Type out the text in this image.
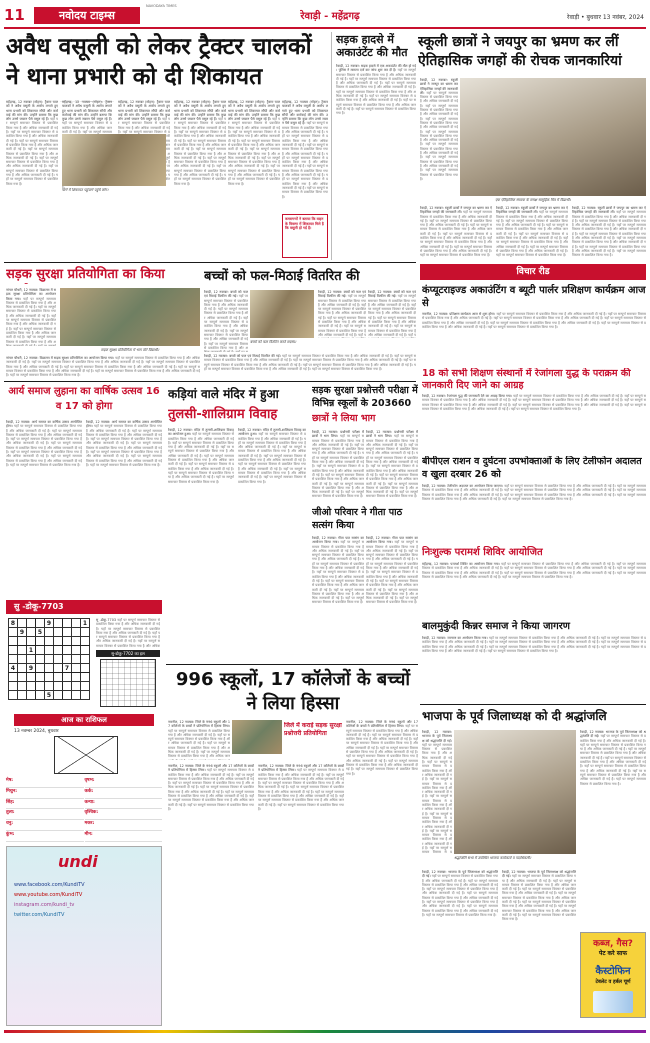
11	नवोदय टाइम्स
NAVODAYA TIMES
रेवाड़ी - महेंद्रगढ़	रेवाड़ी • बुधवार 13 नवंबर, 2024
अवैध वसूली को लेकर ट्रैक्टर चालकों ने थाना प्रभारी को दी शिकायत
महेंद्रगढ़, 12 नवम्बर (मोहन): ट्रैक्टर चालकों ने अवैध वसूली के आरोप लगाते हुए थाना प्रभारी को शिकायत सौंपी और कार्रवाई की मांग की। उन्होंने बताया कि कुछ लोग उनसे जबरन पैसे वसूल रहे हैं। यहाँ पर सम्पूर्ण समाचार विस्तार से प्रकाशित किया गया है और अधिक जानकारी दी गई है। यहाँ पर सम्पूर्ण समाचार विस्तार से प्रकाशित किया गया है और अधिक जानकारी दी गई है। यहाँ पर सम्पूर्ण समाचार विस्तार से प्रकाशित किया गया है और अधिक जानकारी दी गई है। यहाँ पर सम्पूर्ण समाचार विस्तार से प्रकाशित किया गया है और अधिक जानकारी दी गई है। यहाँ पर सम्पूर्ण समाचार विस्तार से प्रकाशित किया गया है और अधिक जानकारी दी गई है। यहाँ पर सम्पूर्ण समाचार विस्तार से प्रकाशित किया गया है और अधिक जानकारी दी गई है। यहाँ पर सम्पूर्ण समाचार विस्तार से प्रकाशित किया गया है।
महेंद्रगढ़, 12 नवम्बर (मोहन): ट्रैक्टर चालकों ने अवैध वसूली के आरोप लगाते हुए थाना प्रभारी को शिकायत सौंपी और कार्रवाई की मांग की। उन्होंने बताया कि कुछ लोग उनसे जबरन पैसे वसूल रहे हैं। यहाँ पर सम्पूर्ण समाचार विस्तार से प्रकाशित किया गया है और अधिक जानकारी दी गई है। यहाँ पर सम्पूर्ण समाचार विस्तार से प्रकाशित किया गया है और अधिक जानकारी दी गई है। यहाँ पर सम्पूर्ण समाचार विस्तार से प्रकाशित किया गया है और अधिक जानकारी दी गई है। यहाँ पर सम्पूर्ण समाचार विस्तार से प्रकाशित किया गया है और अधिक जानकारी दी गई है। यहाँ पर सम्पूर्ण समाचार विस्तार से प्रकाशित किया गया है और अधिक जानकारी दी गई है। यहाँ पर सम्पूर्ण समाचार विस्तार से प्रकाशित किया गया है और अधिक जानकारी दी गई है। यहाँ पर सम्पूर्ण समाचार विस्तार से प्रकाशित किया गया है।
यहाँ पर सम्पूर्ण समाचार विस्तार से प्रकाशित किया गया है और अधिक जानकारी दी गई है। यहाँ पर सम्पूर्ण समाचार विस्तार से प्रकाशित किया गया है और अधिक जानकारी दी गई है। यहाँ पर सम्पूर्ण समाचार विस्तार से प्रकाशित किया गया है और अधिक जानकारी दी गई है। यहाँ पर सम्पूर्ण समाचार विस्तार से प्रकाशित किया गया है और अधिक जानकारी दी गई है। यहाँ पर सम्पूर्ण समाचार विस्तार से प्रकाशित किया गया है और अधिक जानकारी दी गई है। यहाँ पर सम्पूर्ण समाचार विस्तार से प्रकाशित किया गया है और अधिक जानकारी दी गई है। यहाँ पर सम्पूर्ण समाचार विस्तार से प्रकाशित किया गया है।
महेंद्रगढ़, 12 नवम्बर (मोहन): ट्रैक्टर चालकों ने अवैध वसूली के आरोप लगाते हुए थाना प्रभारी को शिकायत सौंपी और कार्रवाई की मांग की। उन्होंने बताया कि कुछ लोग उनसे जबरन पैसे वसूल रहे हैं। यहाँ पर सम्पूर्ण समाचार विस्तार से प्रकाशित किया गया है और अधिक जानकारी दी गई है। यहाँ पर सम्पूर्ण समाचार विस्तार से प्रकाशित किया गया है और अधिक जानकारी दी गई है। यहाँ पर सम्पूर्ण समाचार विस्तार से प्रकाशित किया गया है और अधिक जानकारी दी गई है। यहाँ पर सम्पूर्ण समाचार विस्तार से प्रकाशित किया गया है और अधिक जानकारी दी गई है। यहाँ पर सम्पूर्ण समाचार विस्तार से प्रकाशित किया गया है और अधिक जानकारी दी गई है। यहाँ पर सम्पूर्ण समाचार विस्तार से प्रकाशित किया गया है और अधिक जानकारी दी गई है। यहाँ पर सम्पूर्ण समाचार विस्तार से प्रकाशित किया गया है।
महेंद्रगढ़, 12 नवम्बर (मोहन): ट्रैक्टर चालकों ने अवैध वसूली के आरोप लगाते हुए थाना प्रभारी को शिकायत सौंपी और कार्रवाई की मांग की। उन्होंने बताया कि कुछ लोग उनसे जबरन पैसे वसूल रहे हैं। यहाँ पर सम्पूर्ण समाचार विस्तार से प्रकाशित किया गया है और अधिक जानकारी दी गई है। यहाँ पर सम्पूर्ण समाचार विस्तार से प्रकाशित किया गया है और अधिक जानकारी दी गई है। यहाँ पर सम्पूर्ण समाचार विस्तार से प्रकाशित किया गया है और अधिक जानकारी दी गई है। यहाँ पर सम्पूर्ण समाचार विस्तार से प्रकाशित किया गया है और अधिक जानकारी दी गई है। यहाँ पर सम्पूर्ण समाचार विस्तार से प्रकाशित किया गया है और अधिक जानकारी दी गई है। यहाँ पर सम्पूर्ण समाचार विस्तार से प्रकाशित किया गया है और अधिक जानकारी दी गई है। यहाँ पर सम्पूर्ण समाचार विस्तार से प्रकाशित किया गया है।
थाने में शिकायत पहुंचाने पहुंचे लोग।
महेंद्रगढ़, 12 नवम्बर (मोहन): ट्रैक्टर चालकों ने अवैध वसूली के आरोप लगाते हुए थाना प्रभारी को शिकायत सौंपी और कार्रवाई की मांग की। उन्होंने बताया कि कुछ लोग उनसे जबरन पैसे वसूल रहे हैं। यहाँ पर सम्पूर्ण समाचार विस्तार से प्रकाशित किया गया है और अधिक जानकारी दी गई है। यहाँ पर सम्पूर्ण समाचार विस्तार से प्रकाशित किया गया है और अधिक जानकारी दी गई है। यहाँ पर सम्पूर्ण समाचार विस्तार से प्रकाशित किया गया है और अधिक जानकारी दी गई है। यहाँ पर सम्पूर्ण समाचार विस्तार से प्रकाशित किया गया है और अधिक जानकारी दी गई है। यहाँ पर सम्पूर्ण समाचार विस्तार से प्रकाशित किया गया है और अधिक जानकारी दी गई है। यहाँ पर सम्पूर्ण समाचार विस्तार से प्रकाशित किया गया है और अधिक जानकारी दी गई है। यहाँ पर सम्पूर्ण समाचार विस्तार से प्रकाशित किया गया है।
महेंद्रगढ़, 12 नवम्बर (मोहन): ट्रैक्टर चालकों ने अवैध वसूली के आरोप लगाते हुए थाना प्रभारी को शिकायत सौंपी और कार्रवाई की मांग की। उन्होंने बताया कि कुछ लोग उनसे जबरन पैसे वसूल रहे हैं। यहाँ पर सम्पूर्ण समाचार विस्तार से प्रकाशित किया गया है और अधिक जानकारी दी गई है। यहाँ पर सम्पूर्ण समाचार विस्तार से प्रकाशित किया गया है और अधिक जानकारी दी गई है। यहाँ पर सम्पूर्ण समाचार विस्तार से प्रकाशित किया गया है और अधिक जानकारी दी गई है। यहाँ पर सम्पूर्ण समाचार विस्तार से प्रकाशित किया गया है और अधिक जानकारी दी गई है। यहाँ पर सम्पूर्ण समाचार विस्तार से प्रकाशित किया गया है और अधिक जानकारी दी गई है। यहाँ पर सम्पूर्ण समाचार विस्तार से प्रकाशित किया गया है और अधिक जानकारी दी गई है। यहाँ पर सम्पूर्ण समाचार विस्तार से प्रकाशित किया गया है।
कमरागणों ने बताया कि वाहन के विवरण में शिकायत मिले है कि वसूली हो गई है।
सड़क हादसे में अकाउंटेंट की मौत
रेवाड़ी, 12 नवम्बर: सड़क हादसे में एक अकाउंटेंट की मौत हो गई। पुलिस ने मामला दर्ज कर जांच शुरू कर दी है। यहाँ पर सम्पूर्ण समाचार विस्तार से प्रकाशित किया गया है और अधिक जानकारी दी गई है। यहाँ पर सम्पूर्ण समाचार विस्तार से प्रकाशित किया गया है और अधिक जानकारी दी गई है। यहाँ पर सम्पूर्ण समाचार विस्तार से प्रकाशित किया गया है और अधिक जानकारी दी गई है। यहाँ पर सम्पूर्ण समाचार विस्तार से प्रकाशित किया गया है और अधिक जानकारी दी गई है। यहाँ पर सम्पूर्ण समाचार विस्तार से प्रकाशित किया गया है और अधिक जानकारी दी गई है। यहाँ पर सम्पूर्ण समाचार विस्तार से प्रकाशित किया गया है और अधिक जानकारी दी गई है। यहाँ पर सम्पूर्ण समाचार विस्तार से प्रकाशित किया गया है।
स्कूली छात्रों ने जयपुर का भ्रमण कर लीं ऐतिहासिक जगहों की रोचक जानकारियां
रेवाड़ी, 12 नवम्बर: स्कूली छात्रों ने जयपुर का भ्रमण कर ऐतिहासिक जगहों की जानकारी ली। यहाँ पर सम्पूर्ण समाचार विस्तार से प्रकाशित किया गया है और अधिक जानकारी दी गई है। यहाँ पर सम्पूर्ण समाचार विस्तार से प्रकाशित किया गया है और अधिक जानकारी दी गई है। यहाँ पर सम्पूर्ण समाचार विस्तार से प्रकाशित किया गया है और अधिक जानकारी दी गई है। यहाँ पर सम्पूर्ण समाचार विस्तार से प्रकाशित किया गया है और अधिक जानकारी दी गई है। यहाँ पर सम्पूर्ण समाचार विस्तार से प्रकाशित किया गया है और अधिक जानकारी दी गई है। यहाँ पर सम्पूर्ण समाचार विस्तार से प्रकाशित किया गया है और अधिक जानकारी दी गई है। यहाँ पर सम्पूर्ण समाचार विस्तार से प्रकाशित किया गया है।
एक ऐतिहासिक स्मारक के समक्ष सामूहिक चित्र में विद्यार्थी।
रेवाड़ी, 12 नवम्बर: स्कूली छात्रों ने जयपुर का भ्रमण कर ऐतिहासिक जगहों की जानकारी ली। यहाँ पर सम्पूर्ण समाचार विस्तार से प्रकाशित किया गया है और अधिक जानकारी दी गई है। यहाँ पर सम्पूर्ण समाचार विस्तार से प्रकाशित किया गया है और अधिक जानकारी दी गई है। यहाँ पर सम्पूर्ण समाचार विस्तार से प्रकाशित किया गया है और अधिक जानकारी दी गई है। यहाँ पर सम्पूर्ण समाचार विस्तार से प्रकाशित किया गया है और अधिक जानकारी दी गई है। यहाँ पर सम्पूर्ण समाचार विस्तार से प्रकाशित किया गया है और अधिक जानकारी दी गई है। यहाँ पर सम्पूर्ण समाचार विस्तार से प्रकाशित किया गया है और अधिक जानकारी दी गई है। यहाँ पर सम्पूर्ण समाचार विस्तार से प्रकाशित किया गया है।
रेवाड़ी, 12 नवम्बर: स्कूली छात्रों ने जयपुर का भ्रमण कर ऐतिहासिक जगहों की जानकारी ली। यहाँ पर सम्पूर्ण समाचार विस्तार से प्रकाशित किया गया है और अधिक जानकारी दी गई है। यहाँ पर सम्पूर्ण समाचार विस्तार से प्रकाशित किया गया है और अधिक जानकारी दी गई है। यहाँ पर सम्पूर्ण समाचार विस्तार से प्रकाशित किया गया है और अधिक जानकारी दी गई है। यहाँ पर सम्पूर्ण समाचार विस्तार से प्रकाशित किया गया है और अधिक जानकारी दी गई है। यहाँ पर सम्पूर्ण समाचार विस्तार से प्रकाशित किया गया है और अधिक जानकारी दी गई है। यहाँ पर सम्पूर्ण समाचार विस्तार से प्रकाशित किया गया है और अधिक जानकारी दी गई है। यहाँ पर सम्पूर्ण समाचार विस्तार से प्रकाशित किया गया है।
रेवाड़ी, 12 नवम्बर: स्कूली छात्रों ने जयपुर का भ्रमण कर ऐतिहासिक जगहों की जानकारी ली। यहाँ पर सम्पूर्ण समाचार विस्तार से प्रकाशित किया गया है और अधिक जानकारी दी गई है। यहाँ पर सम्पूर्ण समाचार विस्तार से प्रकाशित किया गया है और अधिक जानकारी दी गई है। यहाँ पर सम्पूर्ण समाचार विस्तार से प्रकाशित किया गया है और अधिक जानकारी दी गई है। यहाँ पर सम्पूर्ण समाचार विस्तार से प्रकाशित किया गया है और अधिक जानकारी दी गई है। यहाँ पर सम्पूर्ण समाचार विस्तार से प्रकाशित किया गया है और अधिक जानकारी दी गई है। यहाँ पर सम्पूर्ण समाचार विस्तार से प्रकाशित किया गया है और अधिक जानकारी दी गई है। यहाँ पर सम्पूर्ण समाचार विस्तार से प्रकाशित किया गया है।
सड़क सुरक्षा प्रतियोगिता का किया
नांगल चौधरी, 12 नवम्बर: विद्यालय में सड़क सुरक्षा प्रतियोगिता का आयोजन किया गया। यहाँ पर सम्पूर्ण समाचार विस्तार से प्रकाशित किया गया है और अधिक जानकारी दी गई है। यहाँ पर सम्पूर्ण समाचार विस्तार से प्रकाशित किया गया है और अधिक जानकारी दी गई है। यहाँ पर सम्पूर्ण समाचार विस्तार से प्रकाशित किया गया है और अधिक जानकारी दी गई है। यहाँ पर सम्पूर्ण समाचार विस्तार से प्रकाशित किया गया है और अधिक जानकारी दी गई है। यहाँ पर सम्पूर्ण समाचार विस्तार से प्रकाशित किया गया है और अधिक जानकारी दी गई है। यहाँ पर सम्पूर्ण समाचार विस्तार से प्रकाशित किया गया है और अधिक जानकारी दी गई है। यहाँ पर सम्पूर्ण समाचार विस्तार से प्रकाशित किया गया है।
सड़क सुरक्षा प्रतियोगिता में भाग लेते विद्यार्थी।
नांगल चौधरी, 12 नवम्बर: विद्यालय में सड़क सुरक्षा प्रतियोगिता का आयोजन किया गया। यहाँ पर सम्पूर्ण समाचार विस्तार से प्रकाशित किया गया है और अधिक जानकारी दी गई है। यहाँ पर सम्पूर्ण समाचार विस्तार से प्रकाशित किया गया है और अधिक जानकारी दी गई है। यहाँ पर सम्पूर्ण समाचार विस्तार से प्रकाशित किया गया है और अधिक जानकारी दी गई है। यहाँ पर सम्पूर्ण समाचार विस्तार से प्रकाशित किया गया है और अधिक जानकारी दी गई है। यहाँ पर सम्पूर्ण समाचार विस्तार से प्रकाशित किया गया है और अधिक जानकारी दी गई है। यहाँ पर सम्पूर्ण समाचार विस्तार से प्रकाशित किया गया है और अधिक जानकारी दी गई है। यहाँ पर सम्पूर्ण समाचार विस्तार से प्रकाशित किया गया है।
बच्चों को फल-मिठाई वितरित की
रेवाड़ी, 12 नवम्बर: बच्चों को फल एवं मिठाई वितरित की गई। यहाँ पर सम्पूर्ण समाचार विस्तार से प्रकाशित किया गया है और अधिक जानकारी दी गई है। यहाँ पर सम्पूर्ण समाचार विस्तार से प्रकाशित किया गया है और अधिक जानकारी दी गई है। यहाँ पर सम्पूर्ण समाचार विस्तार से प्रकाशित किया गया है और अधिक जानकारी दी गई है। यहाँ पर सम्पूर्ण समाचार विस्तार से प्रकाशित किया गया है और अधिक जानकारी दी गई है। यहाँ पर सम्पूर्ण समाचार विस्तार से प्रकाशित किया गया है और अधिक जानकारी दी गई है। यहाँ पर सम्पूर्ण समाचार विस्तार से प्रकाशित किया गया है और अधिक जानकारी दी गई है। यहाँ पर सम्पूर्ण समाचार विस्तार से प्रकाशित किया गया है।
बच्चों को फल वितरित करते सदस्य।
रेवाड़ी, 12 नवम्बर: बच्चों को फल एवं मिठाई वितरित की गई। यहाँ पर सम्पूर्ण समाचार विस्तार से प्रकाशित किया गया है और अधिक जानकारी दी गई है। यहाँ पर सम्पूर्ण समाचार विस्तार से प्रकाशित किया गया है और अधिक जानकारी दी गई है। यहाँ पर सम्पूर्ण समाचार विस्तार से प्रकाशित किया गया है और अधिक जानकारी दी गई है। यहाँ पर सम्पूर्ण समाचार विस्तार से प्रकाशित किया गया है और अधिक जानकारी दी गई है। यहाँ पर सम्पूर्ण समाचार विस्तार से प्रकाशित किया गया है और अधिक जानकारी दी गई है। यहाँ पर सम्पूर्ण समाचार विस्तार से प्रकाशित किया गया है और अधिक जानकारी दी गई है। यहाँ पर सम्पूर्ण समाचार विस्तार से प्रकाशित किया गया है।
रेवाड़ी, 12 नवम्बर: बच्चों को फल एवं मिठाई वितरित की गई। यहाँ पर सम्पूर्ण समाचार विस्तार से प्रकाशित किया गया है और अधिक जानकारी दी गई है। यहाँ पर सम्पूर्ण समाचार विस्तार से प्रकाशित किया गया है और अधिक जानकारी दी गई है। यहाँ पर सम्पूर्ण समाचार विस्तार से प्रकाशित किया गया है और अधिक जानकारी दी गई है। यहाँ पर सम्पूर्ण समाचार विस्तार से प्रकाशित किया गया है और अधिक जानकारी दी गई है। यहाँ पर सम्पूर्ण समाचार विस्तार से प्रकाशित किया गया है और अधिक जानकारी दी गई है। यहाँ पर सम्पूर्ण समाचार विस्तार से प्रकाशित किया गया है और अधिक जानकारी दी गई है। यहाँ पर सम्पूर्ण समाचार विस्तार से प्रकाशित किया गया है।
रेवाड़ी, 12 नवम्बर: बच्चों को फल एवं मिठाई वितरित की गई। यहाँ पर सम्पूर्ण समाचार विस्तार से प्रकाशित किया गया है और अधिक जानकारी दी गई है। यहाँ पर सम्पूर्ण समाचार विस्तार से प्रकाशित किया गया है और अधिक जानकारी दी गई है। यहाँ पर सम्पूर्ण समाचार विस्तार से प्रकाशित किया गया है और अधिक जानकारी दी गई है। यहाँ पर सम्पूर्ण समाचार विस्तार से प्रकाशित किया गया है और अधिक जानकारी दी गई है। यहाँ पर सम्पूर्ण समाचार विस्तार से प्रकाशित किया गया है और अधिक जानकारी दी गई है। यहाँ पर सम्पूर्ण समाचार विस्तार से प्रकाशित किया गया है और अधिक जानकारी दी गई है। यहाँ पर सम्पूर्ण समाचार विस्तार से प्रकाशित किया गया है।
विचार रीड
कंप्यूटराइज्ड अकाउंटिंग व ब्यूटी पार्लर प्रशिक्षण कार्यक्रम आज से
नारनौल, 12 नवम्बर: प्रशिक्षण कार्यक्रम आज से शुरू होगा। यहाँ पर सम्पूर्ण समाचार विस्तार से प्रकाशित किया गया है और अधिक जानकारी दी गई है। यहाँ पर सम्पूर्ण समाचार विस्तार से प्रकाशित किया गया है और अधिक जानकारी दी गई है। यहाँ पर सम्पूर्ण समाचार विस्तार से प्रकाशित किया गया है और अधिक जानकारी दी गई है। यहाँ पर सम्पूर्ण समाचार विस्तार से प्रकाशित किया गया है और अधिक जानकारी दी गई है। यहाँ पर सम्पूर्ण समाचार विस्तार से प्रकाशित किया गया है और अधिक जानकारी दी गई है। यहाँ पर सम्पूर्ण समाचार विस्तार से प्रकाशित किया गया है और अधिक जानकारी दी गई है। यहाँ पर सम्पूर्ण समाचार विस्तार से प्रकाशित किया गया है।
18 को सभी शिक्षण संस्थानों में रेजांगला युद्ध के पराक्रम की जानकारी दिए जाने का आग्रह
रेवाड़ी, 12 नवम्बर: रेजांगला युद्ध की जानकारी देने का आग्रह किया गया। यहाँ पर सम्पूर्ण समाचार विस्तार से प्रकाशित किया गया है और अधिक जानकारी दी गई है। यहाँ पर सम्पूर्ण समाचार विस्तार से प्रकाशित किया गया है और अधिक जानकारी दी गई है। यहाँ पर सम्पूर्ण समाचार विस्तार से प्रकाशित किया गया है और अधिक जानकारी दी गई है। यहाँ पर सम्पूर्ण समाचार विस्तार से प्रकाशित किया गया है और अधिक जानकारी दी गई है। यहाँ पर सम्पूर्ण समाचार विस्तार से प्रकाशित किया गया है और अधिक जानकारी दी गई है। यहाँ पर सम्पूर्ण समाचार विस्तार से प्रकाशित किया गया है और अधिक जानकारी दी गई है। यहाँ पर सम्पूर्ण समाचार विस्तार से प्रकाशित किया गया है।
बीपीएल राशन व दुर्घटना उपभोक्ताओं के लिए टेलीफोन अदालत व खुला दरबार 26 को
रेवाड़ी, 12 नवम्बर: टेलीफोन अदालत का आयोजन किया जाएगा। यहाँ पर सम्पूर्ण समाचार विस्तार से प्रकाशित किया गया है और अधिक जानकारी दी गई है। यहाँ पर सम्पूर्ण समाचार विस्तार से प्रकाशित किया गया है और अधिक जानकारी दी गई है। यहाँ पर सम्पूर्ण समाचार विस्तार से प्रकाशित किया गया है और अधिक जानकारी दी गई है। यहाँ पर सम्पूर्ण समाचार विस्तार से प्रकाशित किया गया है और अधिक जानकारी दी गई है। यहाँ पर सम्पूर्ण समाचार विस्तार से प्रकाशित किया गया है और अधिक जानकारी दी गई है। यहाँ पर सम्पूर्ण समाचार विस्तार से प्रकाशित किया गया है और अधिक जानकारी दी गई है। यहाँ पर सम्पूर्ण समाचार विस्तार से प्रकाशित किया गया है।
निःशुल्क परामर्श शिविर आयोजित
महेंद्रगढ़, 12 नवम्बर: परामर्श शिविर का आयोजन किया गया। यहाँ पर सम्पूर्ण समाचार विस्तार से प्रकाशित किया गया है और अधिक जानकारी दी गई है। यहाँ पर सम्पूर्ण समाचार विस्तार से प्रकाशित किया गया है और अधिक जानकारी दी गई है। यहाँ पर सम्पूर्ण समाचार विस्तार से प्रकाशित किया गया है और अधिक जानकारी दी गई है। यहाँ पर सम्पूर्ण समाचार विस्तार से प्रकाशित किया गया है और अधिक जानकारी दी गई है। यहाँ पर सम्पूर्ण समाचार विस्तार से प्रकाशित किया गया है और अधिक जानकारी दी गई है। यहाँ पर सम्पूर्ण समाचार विस्तार से प्रकाशित किया गया है और अधिक जानकारी दी गई है। यहाँ पर सम्पूर्ण समाचार विस्तार से प्रकाशित किया गया है।
बालमुकुंदी किन्नर समाज ने किया जागरण
रेवाड़ी, 12 नवम्बर: जागरण का आयोजन किया गया। यहाँ पर सम्पूर्ण समाचार विस्तार से प्रकाशित किया गया है और अधिक जानकारी दी गई है। यहाँ पर सम्पूर्ण समाचार विस्तार से प्रकाशित किया गया है और अधिक जानकारी दी गई है। यहाँ पर सम्पूर्ण समाचार विस्तार से प्रकाशित किया गया है और अधिक जानकारी दी गई है। यहाँ पर सम्पूर्ण समाचार विस्तार से प्रकाशित किया गया है और अधिक जानकारी दी गई है। यहाँ पर सम्पूर्ण समाचार विस्तार से प्रकाशित किया गया है और अधिक जानकारी दी गई है। यहाँ पर सम्पूर्ण समाचार विस्तार से प्रकाशित किया गया है और अधिक जानकारी दी गई है। यहाँ पर सम्पूर्ण समाचार विस्तार से प्रकाशित किया गया है।
आर्य समाज लुहाना का वार्षिक उत्सव 16 व 17 को होगा
रेवाड़ी, 12 नवम्बर: आर्य समाज का वार्षिक उत्सव आयोजित होगा। यहाँ पर सम्पूर्ण समाचार विस्तार से प्रकाशित किया गया है और अधिक जानकारी दी गई है। यहाँ पर सम्पूर्ण समाचार विस्तार से प्रकाशित किया गया है और अधिक जानकारी दी गई है। यहाँ पर सम्पूर्ण समाचार विस्तार से प्रकाशित किया गया है और अधिक जानकारी दी गई है। यहाँ पर सम्पूर्ण समाचार विस्तार से प्रकाशित किया गया है और अधिक जानकारी दी गई है। यहाँ पर सम्पूर्ण समाचार विस्तार से प्रकाशित किया गया है और अधिक जानकारी दी गई है। यहाँ पर सम्पूर्ण समाचार विस्तार से प्रकाशित किया गया है और अधिक जानकारी दी गई है। यहाँ पर सम्पूर्ण समाचार विस्तार से प्रकाशित किया गया है।
रेवाड़ी, 12 नवम्बर: आर्य समाज का वार्षिक उत्सव आयोजित होगा। यहाँ पर सम्पूर्ण समाचार विस्तार से प्रकाशित किया गया है और अधिक जानकारी दी गई है। यहाँ पर सम्पूर्ण समाचार विस्तार से प्रकाशित किया गया है और अधिक जानकारी दी गई है। यहाँ पर सम्पूर्ण समाचार विस्तार से प्रकाशित किया गया है और अधिक जानकारी दी गई है। यहाँ पर सम्पूर्ण समाचार विस्तार से प्रकाशित किया गया है और अधिक जानकारी दी गई है। यहाँ पर सम्पूर्ण समाचार विस्तार से प्रकाशित किया गया है और अधिक जानकारी दी गई है। यहाँ पर सम्पूर्ण समाचार विस्तार से प्रकाशित किया गया है और अधिक जानकारी दी गई है। यहाँ पर सम्पूर्ण समाचार विस्तार से प्रकाशित किया गया है।
कड़ियां वाले मंदिर में हुआ
तुलसी-शालिग्राम विवाह
रेवाड़ी, 12 नवम्बर: मंदिर में तुलसी-शालिग्राम विवाह का आयोजन हुआ। यहाँ पर सम्पूर्ण समाचार विस्तार से प्रकाशित किया गया है और अधिक जानकारी दी गई है। यहाँ पर सम्पूर्ण समाचार विस्तार से प्रकाशित किया गया है और अधिक जानकारी दी गई है। यहाँ पर सम्पूर्ण समाचार विस्तार से प्रकाशित किया गया है और अधिक जानकारी दी गई है। यहाँ पर सम्पूर्ण समाचार विस्तार से प्रकाशित किया गया है और अधिक जानकारी दी गई है। यहाँ पर सम्पूर्ण समाचार विस्तार से प्रकाशित किया गया है और अधिक जानकारी दी गई है। यहाँ पर सम्पूर्ण समाचार विस्तार से प्रकाशित किया गया है और अधिक जानकारी दी गई है। यहाँ पर सम्पूर्ण समाचार विस्तार से प्रकाशित किया गया है।
रेवाड़ी, 12 नवम्बर: मंदिर में तुलसी-शालिग्राम विवाह का आयोजन हुआ। यहाँ पर सम्पूर्ण समाचार विस्तार से प्रकाशित किया गया है और अधिक जानकारी दी गई है। यहाँ पर सम्पूर्ण समाचार विस्तार से प्रकाशित किया गया है और अधिक जानकारी दी गई है। यहाँ पर सम्पूर्ण समाचार विस्तार से प्रकाशित किया गया है और अधिक जानकारी दी गई है। यहाँ पर सम्पूर्ण समाचार विस्तार से प्रकाशित किया गया है और अधिक जानकारी दी गई है। यहाँ पर सम्पूर्ण समाचार विस्तार से प्रकाशित किया गया है और अधिक जानकारी दी गई है। यहाँ पर सम्पूर्ण समाचार विस्तार से प्रकाशित किया गया है और अधिक जानकारी दी गई है। यहाँ पर सम्पूर्ण समाचार विस्तार से प्रकाशित किया गया है।
सड़क सुरक्षा प्रश्नोत्तरी परीक्षा में विभिन्न स्कूलों के 203660
छात्रों ने लिया भाग
रेवाड़ी, 12 नवम्बर: प्रश्नोत्तरी परीक्षा में छात्रों ने भाग लिया। यहाँ पर सम्पूर्ण समाचार विस्तार से प्रकाशित किया गया है और अधिक जानकारी दी गई है। यहाँ पर सम्पूर्ण समाचार विस्तार से प्रकाशित किया गया है और अधिक जानकारी दी गई है। यहाँ पर सम्पूर्ण समाचार विस्तार से प्रकाशित किया गया है और अधिक जानकारी दी गई है। यहाँ पर सम्पूर्ण समाचार विस्तार से प्रकाशित किया गया है और अधिक जानकारी दी गई है। यहाँ पर सम्पूर्ण समाचार विस्तार से प्रकाशित किया गया है और अधिक जानकारी दी गई है। यहाँ पर सम्पूर्ण समाचार विस्तार से प्रकाशित किया गया है और अधिक जानकारी दी गई है। यहाँ पर सम्पूर्ण समाचार विस्तार से प्रकाशित किया गया है।
रेवाड़ी, 12 नवम्बर: प्रश्नोत्तरी परीक्षा में छात्रों ने भाग लिया। यहाँ पर सम्पूर्ण समाचार विस्तार से प्रकाशित किया गया है और अधिक जानकारी दी गई है। यहाँ पर सम्पूर्ण समाचार विस्तार से प्रकाशित किया गया है और अधिक जानकारी दी गई है। यहाँ पर सम्पूर्ण समाचार विस्तार से प्रकाशित किया गया है और अधिक जानकारी दी गई है। यहाँ पर सम्पूर्ण समाचार विस्तार से प्रकाशित किया गया है और अधिक जानकारी दी गई है। यहाँ पर सम्पूर्ण समाचार विस्तार से प्रकाशित किया गया है और अधिक जानकारी दी गई है। यहाँ पर सम्पूर्ण समाचार विस्तार से प्रकाशित किया गया है और अधिक जानकारी दी गई है। यहाँ पर सम्पूर्ण समाचार विस्तार से प्रकाशित किया गया है।
जीओ परिवार ने गीता पाठ सत्संग किया
रेवाड़ी, 12 नवम्बर: गीता पाठ सत्संग का आयोजन किया गया। यहाँ पर सम्पूर्ण समाचार विस्तार से प्रकाशित किया गया है और अधिक जानकारी दी गई है। यहाँ पर सम्पूर्ण समाचार विस्तार से प्रकाशित किया गया है और अधिक जानकारी दी गई है। यहाँ पर सम्पूर्ण समाचार विस्तार से प्रकाशित किया गया है और अधिक जानकारी दी गई है। यहाँ पर सम्पूर्ण समाचार विस्तार से प्रकाशित किया गया है और अधिक जानकारी दी गई है। यहाँ पर सम्पूर्ण समाचार विस्तार से प्रकाशित किया गया है और अधिक जानकारी दी गई है। यहाँ पर सम्पूर्ण समाचार विस्तार से प्रकाशित किया गया है और अधिक जानकारी दी गई है। यहाँ पर सम्पूर्ण समाचार विस्तार से प्रकाशित किया गया है।
रेवाड़ी, 12 नवम्बर: गीता पाठ सत्संग का आयोजन किया गया। यहाँ पर सम्पूर्ण समाचार विस्तार से प्रकाशित किया गया है और अधिक जानकारी दी गई है। यहाँ पर सम्पूर्ण समाचार विस्तार से प्रकाशित किया गया है और अधिक जानकारी दी गई है। यहाँ पर सम्पूर्ण समाचार विस्तार से प्रकाशित किया गया है और अधिक जानकारी दी गई है। यहाँ पर सम्पूर्ण समाचार विस्तार से प्रकाशित किया गया है और अधिक जानकारी दी गई है। यहाँ पर सम्पूर्ण समाचार विस्तार से प्रकाशित किया गया है और अधिक जानकारी दी गई है। यहाँ पर सम्पूर्ण समाचार विस्तार से प्रकाशित किया गया है और अधिक जानकारी दी गई है। यहाँ पर सम्पूर्ण समाचार विस्तार से प्रकाशित किया गया है।
सु -डोकू-7703
8				9				1
	9		5					

		1						

4		9				7		

				5				
सु -डोकू-7703 यहाँ पर सम्पूर्ण समाचार विस्तार से प्रकाशित किया गया है और अधिक जानकारी दी गई है। यहाँ पर सम्पूर्ण समाचार विस्तार से प्रकाशित किया गया है और अधिक जानकारी दी गई है। यहाँ पर सम्पूर्ण समाचार विस्तार से प्रकाशित किया गया है और अधिक जानकारी दी गई है। यहाँ पर सम्पूर्ण समाचार विस्तार से प्रकाशित किया गया है और अधिक जानकारी दी गई है। यहाँ पर सम्पूर्ण समाचार विस्तार से प्रकाशित किया गया है और अधिक जानकारी दी गई है। यहाँ पर सम्पूर्ण समाचार विस्तार से प्रकाशित किया गया है और अधिक जानकारी दी गई है। यहाँ पर सम्पूर्ण समाचार विस्तार से प्रकाशित किया गया है।
सु-डोकू-7702 का हल
आज का राशिफल
13 नवम्बर 2024, बुधवार
मेष:	वृषभ:
मिथुन:	कर्क:
सिंह:	कन्या:
तुला:	वृश्चिक:
धनु:	मकर:
कुंभ:	मीन:
undi
www.facebook.com/KundiTV
www.youtube.com/KundiTV
instagram.com/kundi_tv
twitter.com/KundiTV
996 स्कूलों, 17 कॉलेजों के बच्चों ने लिया हिस्सा
नारनौल, 12 नवम्बर: जिले के 996 स्कूलों और 17 कॉलेजों के बच्चों ने प्रतियोगिता में हिस्सा लिया। यहाँ पर सम्पूर्ण समाचार विस्तार से प्रकाशित किया गया है और अधिक जानकारी दी गई है। यहाँ पर सम्पूर्ण समाचार विस्तार से प्रकाशित किया गया है और अधिक जानकारी दी गई है। यहाँ पर सम्पूर्ण समाचार विस्तार से प्रकाशित किया गया है और अधिक जानकारी दी गई है। यहाँ पर सम्पूर्ण समाचार विस्तार से प्रकाशित किया गया है और अधिक जानकारी दी गई है। यहाँ पर सम्पूर्ण समाचार विस्तार से प्रकाशित किया गया है और अधिक जानकारी दी गई है। यहाँ पर सम्पूर्ण समाचार विस्तार से प्रकाशित किया गया है और अधिक जानकारी दी गई है। यहाँ पर सम्पूर्ण समाचार विस्तार से प्रकाशित किया गया है।	जिले में कराई सड़क सुरक्षा प्रश्नोत्तरी प्रतियोगिता
नारनौल, 12 नवम्बर: जिले के 996 स्कूलों और 17 कॉलेजों के बच्चों ने प्रतियोगिता में हिस्सा लिया। यहाँ पर सम्पूर्ण समाचार विस्तार से प्रकाशित किया गया है और अधिक जानकारी दी गई है। यहाँ पर सम्पूर्ण समाचार विस्तार से प्रकाशित किया गया है और अधिक जानकारी दी गई है। यहाँ पर सम्पूर्ण समाचार विस्तार से प्रकाशित किया गया है और अधिक जानकारी दी गई है। यहाँ पर सम्पूर्ण समाचार विस्तार से प्रकाशित किया गया है और अधिक जानकारी दी गई है। यहाँ पर सम्पूर्ण समाचार विस्तार से प्रकाशित किया गया है और अधिक जानकारी दी गई है। यहाँ पर सम्पूर्ण समाचार विस्तार से प्रकाशित किया गया है और अधिक जानकारी दी गई है। यहाँ पर सम्पूर्ण समाचार विस्तार से प्रकाशित किया गया है।
नारनौल, 12 नवम्बर: जिले के 996 स्कूलों और 17 कॉलेजों के बच्चों ने प्रतियोगिता में हिस्सा लिया। यहाँ पर सम्पूर्ण समाचार विस्तार से प्रकाशित किया गया है और अधिक जानकारी दी गई है। यहाँ पर सम्पूर्ण समाचार विस्तार से प्रकाशित किया गया है और अधिक जानकारी दी गई है। यहाँ पर सम्पूर्ण समाचार विस्तार से प्रकाशित किया गया है और अधिक जानकारी दी गई है। यहाँ पर सम्पूर्ण समाचार विस्तार से प्रकाशित किया गया है और अधिक जानकारी दी गई है। यहाँ पर सम्पूर्ण समाचार विस्तार से प्रकाशित किया गया है और अधिक जानकारी दी गई है। यहाँ पर सम्पूर्ण समाचार विस्तार से प्रकाशित किया गया है और अधिक जानकारी दी गई है। यहाँ पर सम्पूर्ण समाचार विस्तार से प्रकाशित किया गया है।
नारनौल, 12 नवम्बर: जिले के 996 स्कूलों और 17 कॉलेजों के बच्चों ने प्रतियोगिता में हिस्सा लिया। यहाँ पर सम्पूर्ण समाचार विस्तार से प्रकाशित किया गया है और अधिक जानकारी दी गई है। यहाँ पर सम्पूर्ण समाचार विस्तार से प्रकाशित किया गया है और अधिक जानकारी दी गई है। यहाँ पर सम्पूर्ण समाचार विस्तार से प्रकाशित किया गया है और अधिक जानकारी दी गई है। यहाँ पर सम्पूर्ण समाचार विस्तार से प्रकाशित किया गया है और अधिक जानकारी दी गई है। यहाँ पर सम्पूर्ण समाचार विस्तार से प्रकाशित किया गया है और अधिक जानकारी दी गई है। यहाँ पर सम्पूर्ण समाचार विस्तार से प्रकाशित किया गया है और अधिक जानकारी दी गई है। यहाँ पर सम्पूर्ण समाचार विस्तार से प्रकाशित किया गया है।
भाजपा के पूर्व जिलाध्यक्ष को दी श्रद्धांजलि
रेवाड़ी, 12 नवम्बर: भाजपा के पूर्व जिलाध्यक्ष को श्रद्धांजलि दी गई। यहाँ पर सम्पूर्ण समाचार विस्तार से प्रकाशित किया गया है और अधिक जानकारी दी गई है। यहाँ पर सम्पूर्ण समाचार विस्तार से प्रकाशित किया गया है और अधिक जानकारी दी गई है। यहाँ पर सम्पूर्ण समाचार विस्तार से प्रकाशित किया गया है और अधिक जानकारी दी गई है। यहाँ पर सम्पूर्ण समाचार विस्तार से प्रकाशित किया गया है और अधिक जानकारी दी गई है। यहाँ पर सम्पूर्ण समाचार विस्तार से प्रकाशित किया गया है और अधिक जानकारी दी गई है। यहाँ पर सम्पूर्ण समाचार विस्तार से प्रकाशित किया गया है और अधिक जानकारी दी गई है। यहाँ पर सम्पूर्ण समाचार विस्तार से प्रकाशित किया गया है।
श्रद्धांजलि सभा में उपस्थित भाजपा कार्यकर्ता व पदाधिकारी।
रेवाड़ी, 12 नवम्बर: भाजपा के पूर्व जिलाध्यक्ष को श्रद्धांजलि दी गई। यहाँ पर सम्पूर्ण समाचार विस्तार से प्रकाशित किया गया है और अधिक जानकारी दी गई है। यहाँ पर सम्पूर्ण समाचार विस्तार से प्रकाशित किया गया है और अधिक जानकारी दी गई है। यहाँ पर सम्पूर्ण समाचार विस्तार से प्रकाशित किया गया है और अधिक जानकारी दी गई है। यहाँ पर सम्पूर्ण समाचार विस्तार से प्रकाशित किया गया है और अधिक जानकारी दी गई है। यहाँ पर सम्पूर्ण समाचार विस्तार से प्रकाशित किया गया है और अधिक जानकारी दी गई है। यहाँ पर सम्पूर्ण समाचार विस्तार से प्रकाशित किया गया है और अधिक जानकारी दी गई है। यहाँ पर सम्पूर्ण समाचार विस्तार से प्रकाशित किया गया है।
रेवाड़ी, 12 नवम्बर: भाजपा के पूर्व जिलाध्यक्ष को श्रद्धांजलि दी गई। यहाँ पर सम्पूर्ण समाचार विस्तार से प्रकाशित किया गया है और अधिक जानकारी दी गई है। यहाँ पर सम्पूर्ण समाचार विस्तार से प्रकाशित किया गया है और अधिक जानकारी दी गई है। यहाँ पर सम्पूर्ण समाचार विस्तार से प्रकाशित किया गया है और अधिक जानकारी दी गई है। यहाँ पर सम्पूर्ण समाचार विस्तार से प्रकाशित किया गया है और अधिक जानकारी दी गई है। यहाँ पर सम्पूर्ण समाचार विस्तार से प्रकाशित किया गया है और अधिक जानकारी दी गई है। यहाँ पर सम्पूर्ण समाचार विस्तार से प्रकाशित किया गया है और अधिक जानकारी दी गई है। यहाँ पर सम्पूर्ण समाचार विस्तार से प्रकाशित किया गया है।
रेवाड़ी, 12 नवम्बर: भाजपा के पूर्व जिलाध्यक्ष को श्रद्धांजलि दी गई। यहाँ पर सम्पूर्ण समाचार विस्तार से प्रकाशित किया गया है और अधिक जानकारी दी गई है। यहाँ पर सम्पूर्ण समाचार विस्तार से प्रकाशित किया गया है और अधिक जानकारी दी गई है। यहाँ पर सम्पूर्ण समाचार विस्तार से प्रकाशित किया गया है और अधिक जानकारी दी गई है। यहाँ पर सम्पूर्ण समाचार विस्तार से प्रकाशित किया गया है और अधिक जानकारी दी गई है। यहाँ पर सम्पूर्ण समाचार विस्तार से प्रकाशित किया गया है और अधिक जानकारी दी गई है। यहाँ पर सम्पूर्ण समाचार विस्तार से प्रकाशित किया गया है और अधिक जानकारी दी गई है। यहाँ पर सम्पूर्ण समाचार विस्तार से प्रकाशित किया गया है।
कब्ज, गैस?
पेट करे साफ
कैस्टोफिन
टेबलेट व हर्बल चूर्ण
